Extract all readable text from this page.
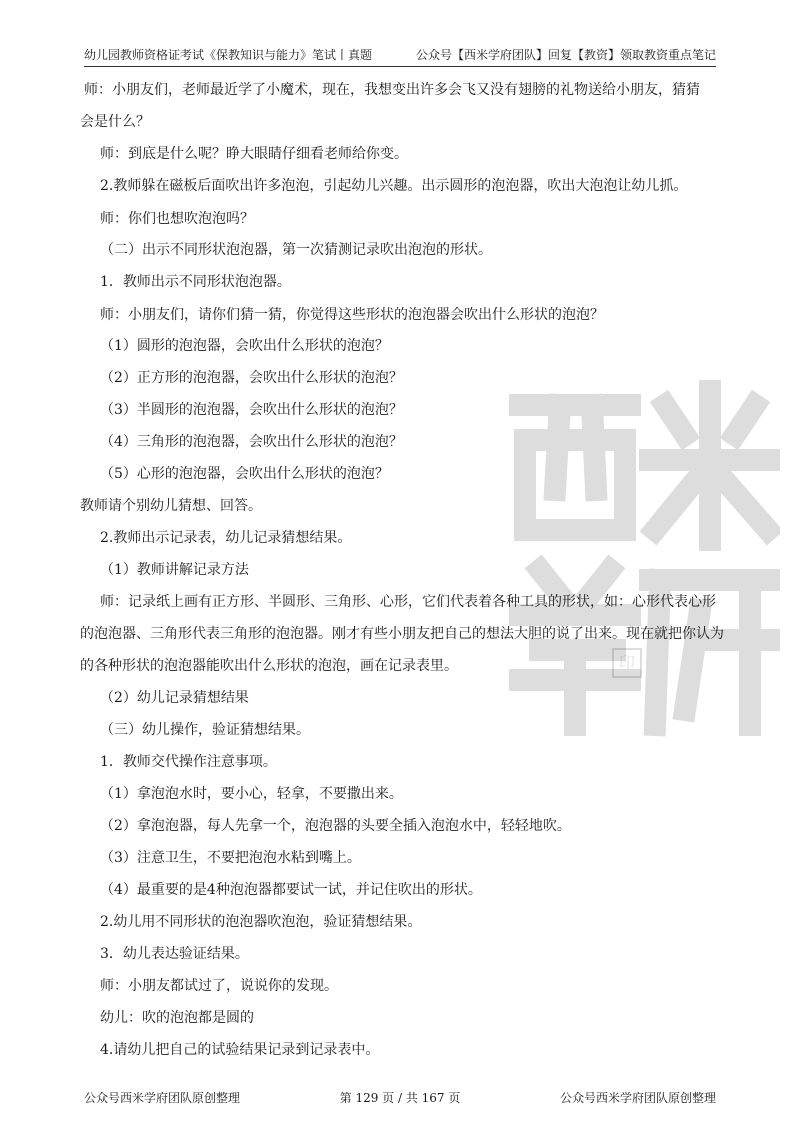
幼儿园教师资格证考试《保教知识与能力》笔试丨真题	公众号【西米学府团队】回复【教资】领取教资重点笔记
印
师：小朋友们，老师最近学了小魔术，现在，我想变出许多会飞又没有翅膀的礼物送给小朋友，猜猜
会是什么？
师：到底是什么呢？睁大眼睛仔细看老师给你变。
2.教师躲在磁板后面吹出许多泡泡，引起幼儿兴趣。出示圆形的泡泡器，吹出大泡泡让幼儿抓。
师：你们也想吹泡泡吗？
（二）出示不同形状泡泡器，第一次猜测记录吹出泡泡的形状。
1．教师出示不同形状泡泡器。
师：小朋友们，请你们猜一猜，你觉得这些形状的泡泡器会吹出什么形状的泡泡？
（1）圆形的泡泡器，会吹出什么形状的泡泡？
（2）正方形的泡泡器，会吹出什么形状的泡泡？
（3）半圆形的泡泡器，会吹出什么形状的泡泡？
（4）三角形的泡泡器，会吹出什么形状的泡泡？
（5）心形的泡泡器，会吹出什么形状的泡泡？
教师请个别幼儿猜想、回答。
2.教师出示记录表，幼儿记录猜想结果。
（1）教师讲解记录方法
师：记录纸上画有正方形、半圆形、三角形、心形，它们代表着各种工具的形状，如：心形代表心形
的泡泡器、三角形代表三角形的泡泡器。刚才有些小朋友把自己的想法大胆的说了出来。现在就把你认为
的各种形状的泡泡器能吹出什么形状的泡泡，画在记录表里。
（2）幼儿记录猜想结果
（三）幼儿操作，验证猜想结果。
1．教师交代操作注意事项。
（1）拿泡泡水时，要小心，轻拿，不要撒出来。
（2）拿泡泡器，每人先拿一个，泡泡器的头要全插入泡泡水中，轻轻地吹。
（3）注意卫生，不要把泡泡水粘到嘴上。
（4）最重要的是4种泡泡器都要试一试，并记住吹出的形状。
2.幼儿用不同形状的泡泡器吹泡泡，验证猜想结果。
3．幼儿表达验证结果。
师：小朋友都试过了，说说你的发现。
幼儿：吹的泡泡都是圆的
4.请幼儿把自己的试验结果记录到记录表中。
公众号西米学府团队原创整理	第 129 页 / 共 167 页	公众号西米学府团队原创整理
